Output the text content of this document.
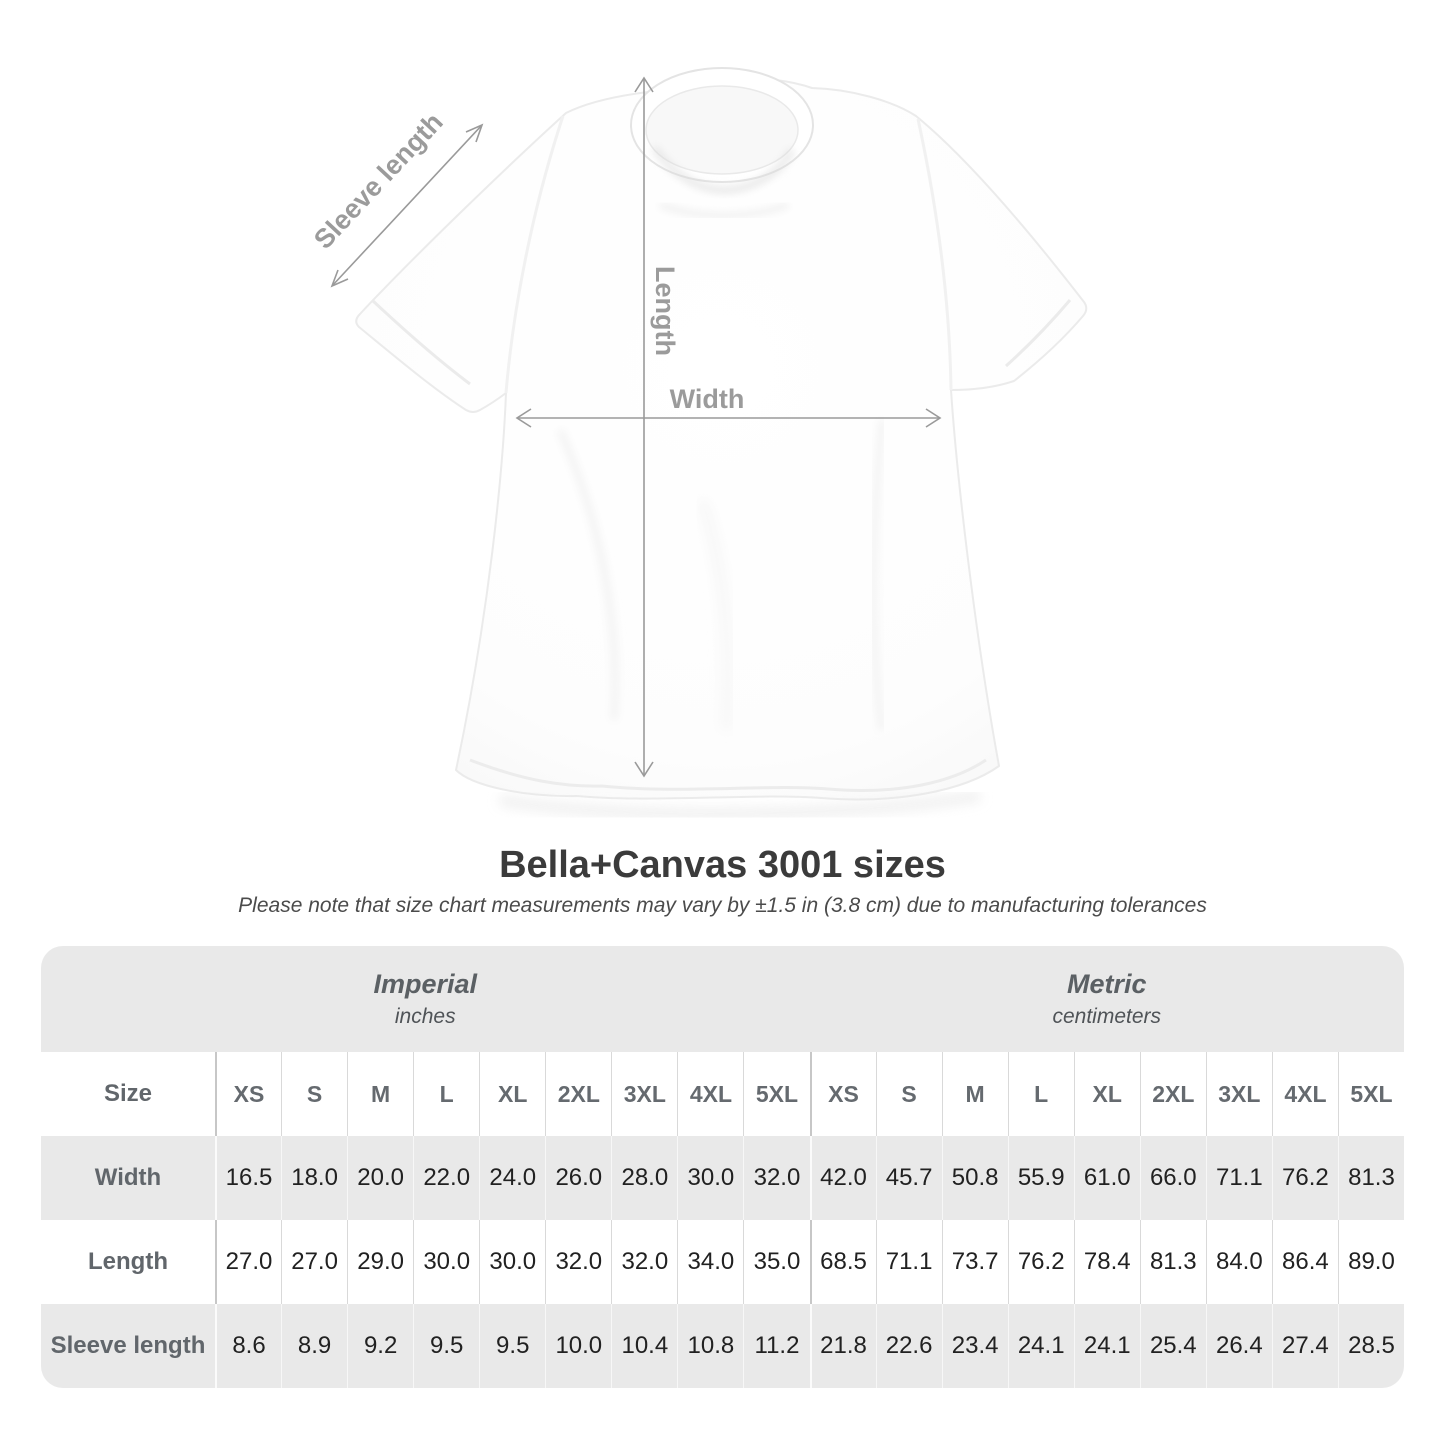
Sleeve length
Length
Width
Bella+Canvas 3001 sizes

Please note that size chart measurements may vary by ±1.5 in (3.8 cm) due to manufacturing tolerances

Imperial
inches
Metric
centimeters
Size	XS	S	M	L	XL	2XL	3XL	4XL	5XL	XS	S	M	L	XL	2XL	3XL	4XL	5XL
Width	16.5 18.0 20.0 22.0 24.0 26.0 28.0 30.0 32.0 42.0 45.7 50.8 55.9 61.0 66.0 71.1 76.2 81.3
Length	27.0 27.0 29.0 30.0 30.0 32.0 32.0 34.0 35.0 68.5 71.1 73.7 76.2 78.4 81.3 84.0 86.4 89.0
Sleeve length	8.6	8.9	9.2	9.5	9.5	10.0 10.4 10.8 11.2 21.8 22.6 23.4 24.1 24.1 25.4 26.4 27.4 28.5
